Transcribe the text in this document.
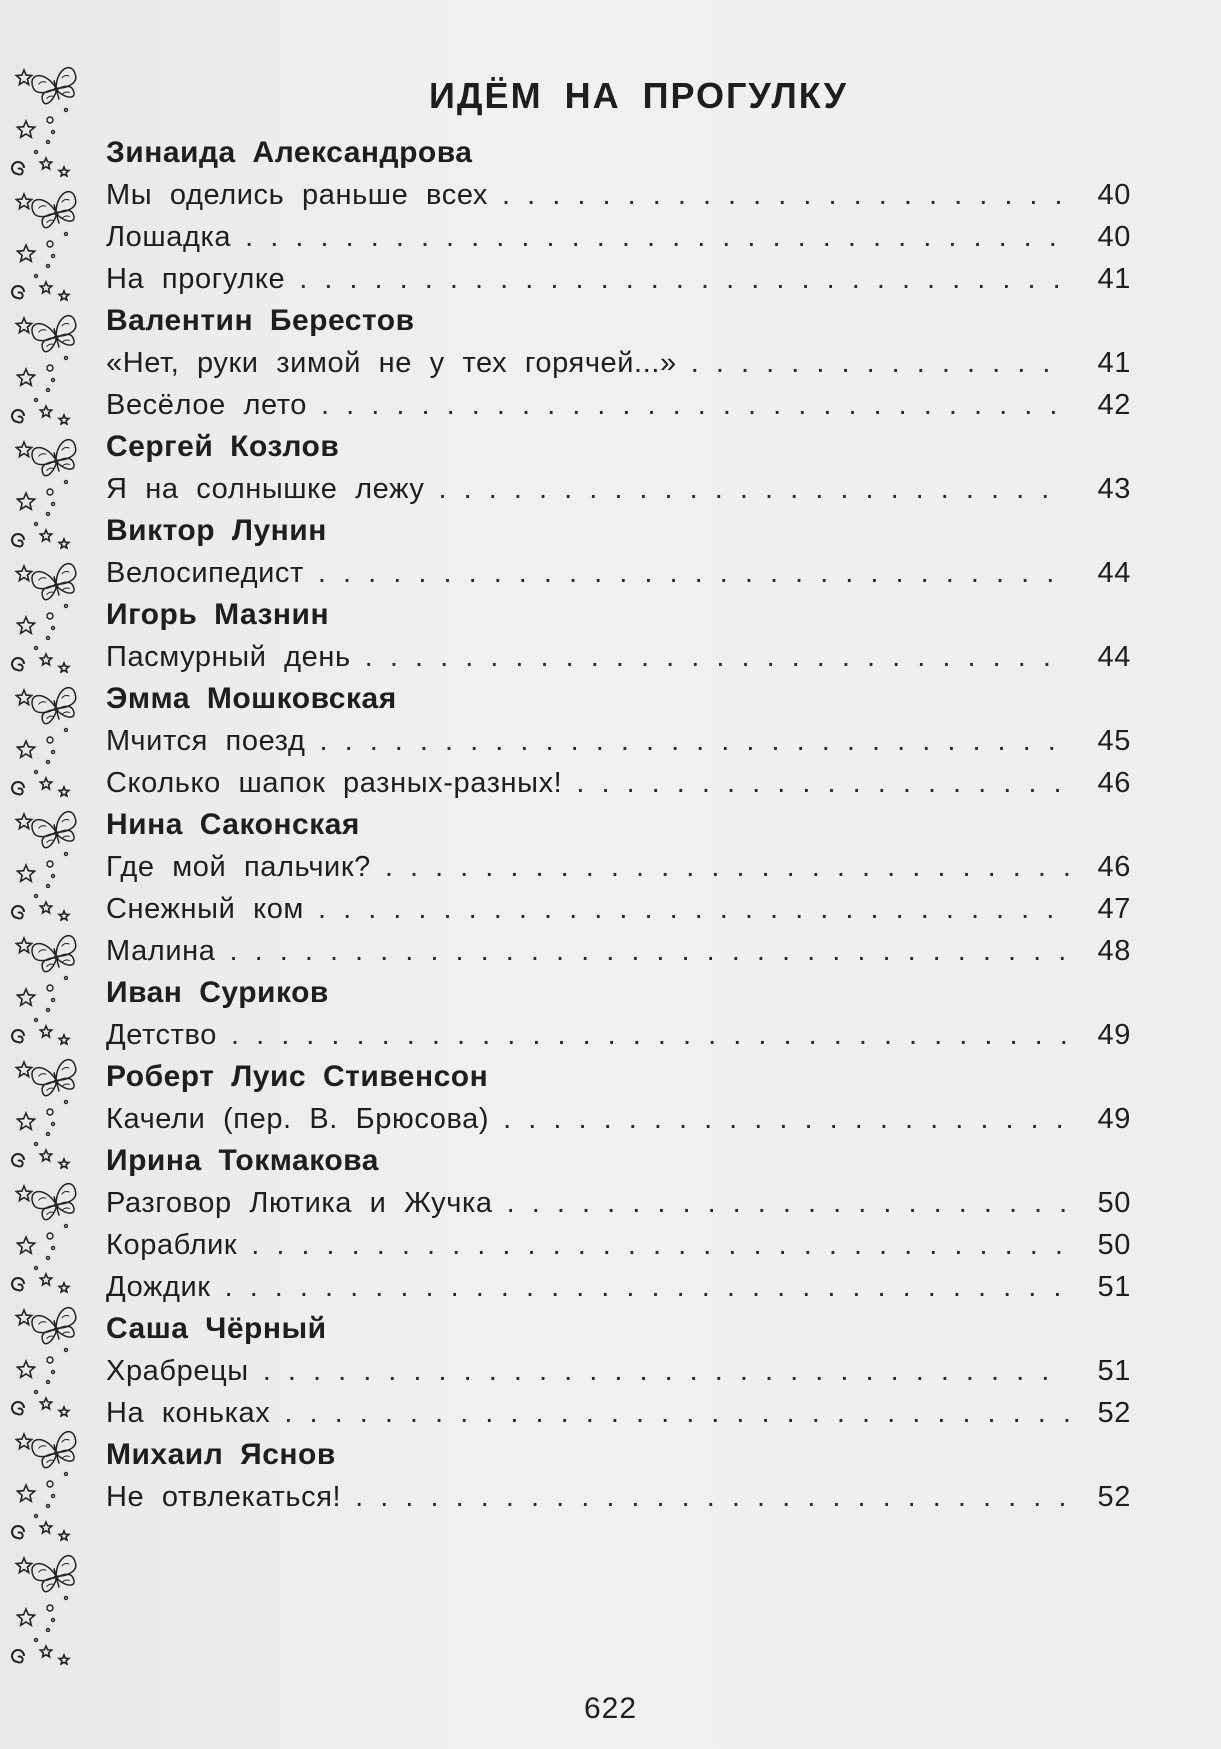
ИДЁМ НА ПРОГУЛКУ
Зинаида Александрова
Мы оделись раньше всех . . .	40
Лошадка . . .	40
На прогулке . . .	41
Валентин Берестов
«Нет, руки зимой не у тех горячей...» . . .	41
Весёлое лето . . .	42
Сергей Козлов
Я на солнышке лежу . . .	43
Виктор Лунин
Велосипедист . . .	44
Игорь Мазнин
Пасмурный день . . .	44
Эмма Мошковская
Мчится поезд . . .	45
Сколько шапок разных-разных! . . .	46
Нина Саконская
Где мой пальчик? . . .	46
Снежный ком . . .	47
Малина . . .	48
Иван Суриков
Детство . . .	49
Роберт Луис Стивенсон
Качели (пер. В. Брюсова) . . .	49
Ирина Токмакова
Разговор Лютика и Жучка . . .	50
Кораблик . . .	50
Дождик . . .	51
Саша Чёрный
Храбрецы . . .	51
На коньках . . .	52
Михаил Яснов
Не отвлекаться! . . .	52
622
